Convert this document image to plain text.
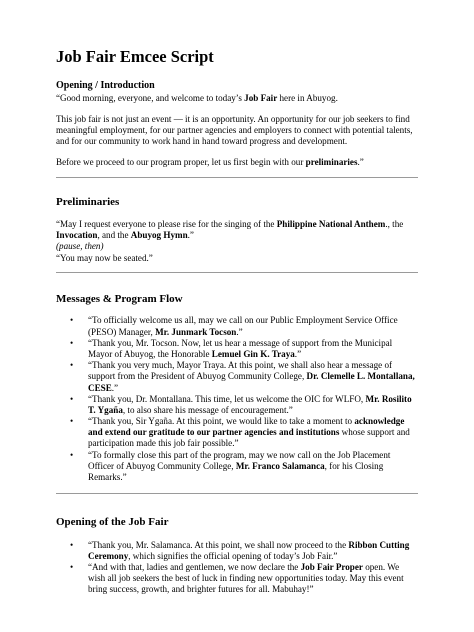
Job Fair Emcee Script
Opening / Introduction

“Good morning, everyone, and welcome to today’s Job Fair here in Abuyog.

This job fair is not just an event — it is an opportunity. An opportunity for our job seekers to find meaningful employment, for our partner agencies and employers to connect with potential talents, and for our community to work hand in hand toward progress and development.

Before we proceed to our program proper, let us first begin with our preliminaries.”

Preliminaries

“May I request everyone to please rise for the singing of the Philippine National Anthem., the Invocation, and the Abuyog Hymn.”

(pause, then)

“You may now be seated.”

Messages & Program Flow
• “To officially welcome us all, may we call on our Public Employment Service Office (PESO) Manager, Mr. Junmark Tocson.”
• “Thank you, Mr. Tocson. Now, let us hear a message of support from the Municipal Mayor of Abuyog, the Honorable Lemuel Gin K. Traya.”
• “Thank you very much, Mayor Traya. At this point, we shall also hear a message of support from the President of Abuyog Community College, Dr. Clemelle L. Montallana, CESE.”
• “Thank you, Dr. Montallana. This time, let us welcome the OIC for WLFO, Mr. Rosilito T. Ygaña, to also share his message of encouragement.”
• “Thank you, Sir Ygaña. At this point, we would like to take a moment to acknowledge and extend our gratitude to our partner agencies and institutions whose support and participation made this job fair possible.”
• “To formally close this part of the program, may we now call on the Job Placement Officer of Abuyog Community College, Mr. Franco Salamanca, for his Closing Remarks.”
Opening of the Job Fair
• “Thank you, Mr. Salamanca. At this point, we shall now proceed to the Ribbon Cutting Ceremony, which signifies the official opening of today’s Job Fair.”
• “And with that, ladies and gentlemen, we now declare the Job Fair Proper open. We wish all job seekers the best of luck in finding new opportunities today. May this event bring success, growth, and brighter futures for all. Mabuhay!”
